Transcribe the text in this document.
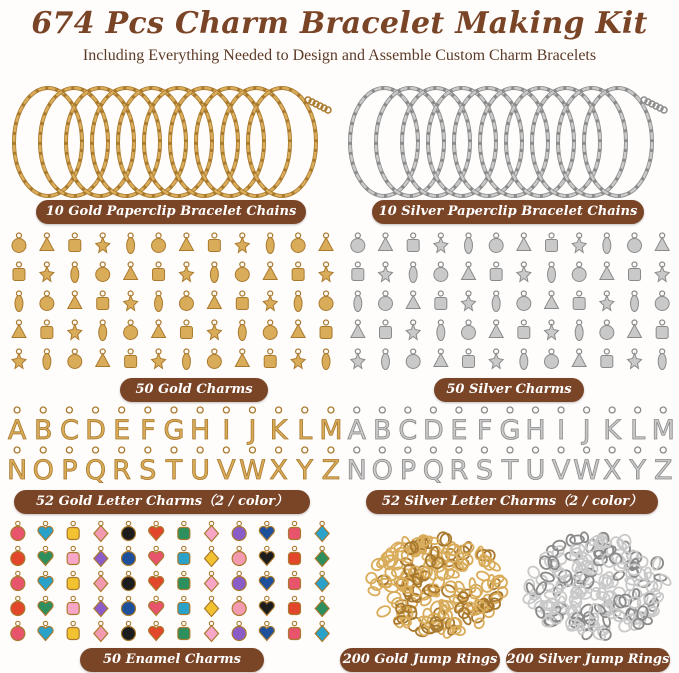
674 Pcs Charm Bracelet Making Kit
Including Everything Needed to Design and Assemble Custom Charm Bracelets
10 Gold Paperclip Bracelet Chains	10 Silver Paperclip Bracelet Chains
50 Gold Charms	50 Silver Charms
A B C D E F G H I J K L M
N O P Q R S T U V W X Y Z
52 Gold Letter Charms（2 / color）
A B C D E F G H I J K L M
N O P Q R S T U V W X Y Z
52 Silver Letter Charms（2 / color）
50 Enamel Charms	200 Gold Jump Rings 200 Silver Jump Rings
